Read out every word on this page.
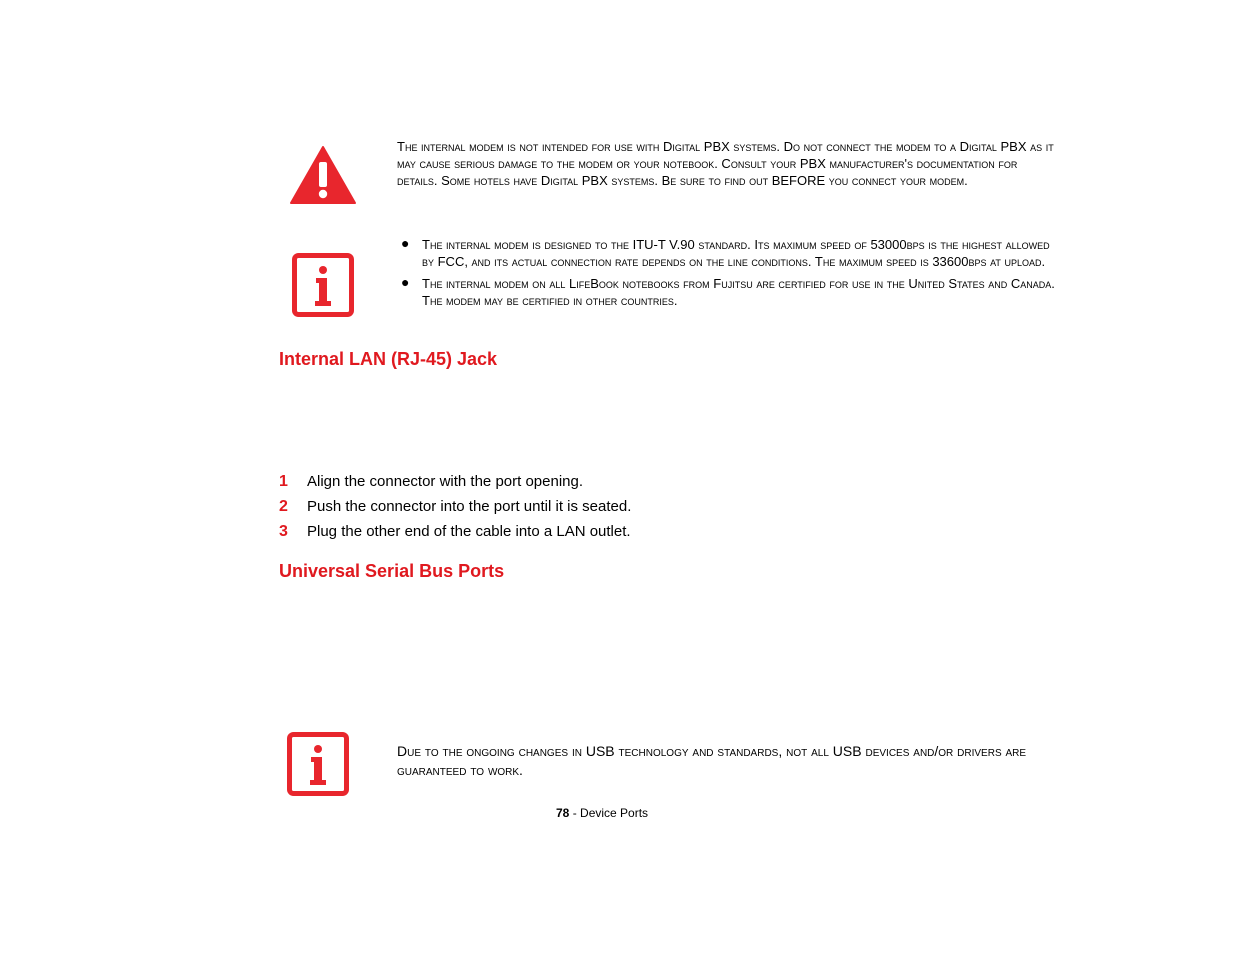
The internal modem is not intended for use with Digital PBX systems. Do not connect the modem to a Digital PBX as it may cause serious damage to the modem or your notebook. Consult your PBX manufacturer's documentation for details. Some hotels have Digital PBX systems. Be sure to find out BEFORE you connect your modem.
● The internal modem is designed to the ITU-T V.90 standard. Its maximum speed of 53000bps is the highest allowed by FCC, and its actual connection rate depends on the line conditions. The maximum speed is 33600bps at upload.
● The internal modem on all LifeBook notebooks from Fujitsu are certified for use in the United States and Canada. The modem may be certified in other countries.
Internal LAN (RJ-45) Jack
1 Align the connector with the port opening.
2 Push the connector into the port until it is seated.
3 Plug the other end of the cable into a LAN outlet.
Universal Serial Bus Ports
Due to the ongoing changes in USB technology and standards, not all USB devices and/or drivers are guaranteed to work.
78 - Device Ports
